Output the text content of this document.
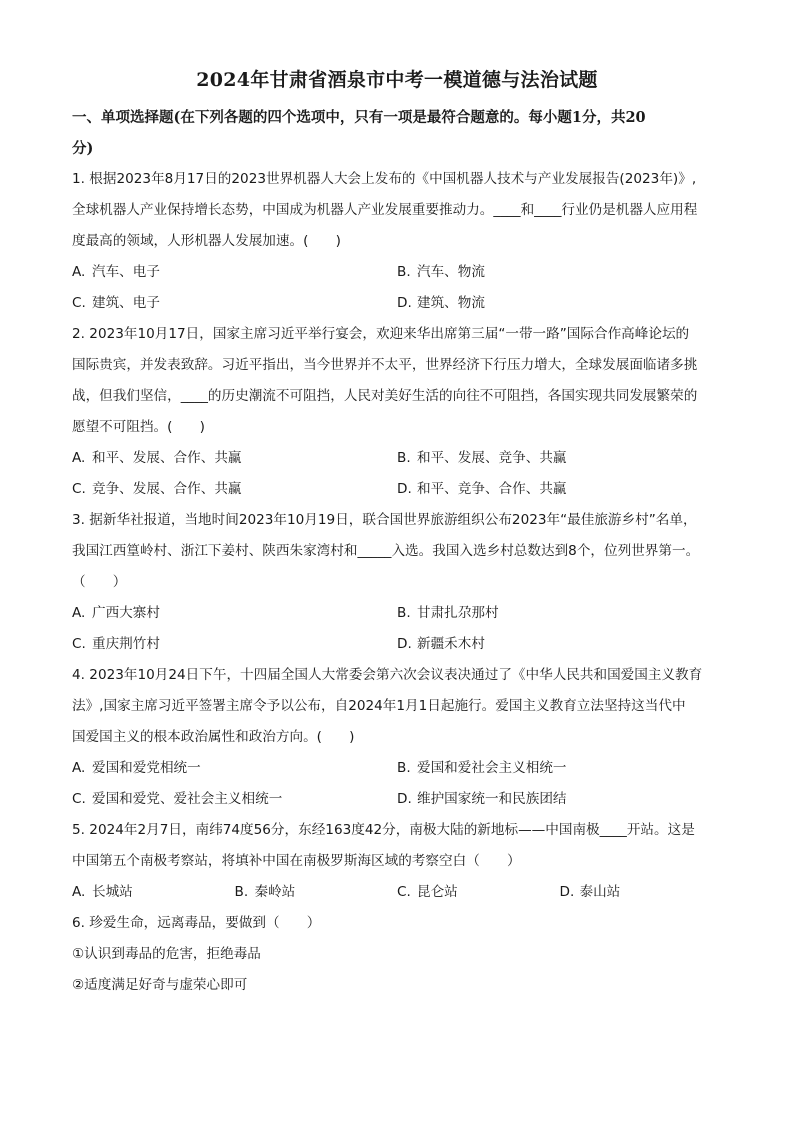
2024年甘肃省酒泉市中考一模道德与法治试题
一、单项选择题(在下列各题的四个选项中，只有一项是最符合题意的。每小题1分，共20
分)

1. 根据2023年8月17日的2023世界机器人大会上发布的《中国机器人技术与产业发展报告(2023年)》,
全球机器人产业保持增长态势，中国成为机器人产业发展重要推动力。____和____行业仍是机器人应用程
度最高的领域，人形机器人发展加速。(　　)

A. 汽车、电子	B. 汽车、物流
C. 建筑、电子	D. 建筑、物流

2. 2023年10月17日，国家主席习近平举行宴会，欢迎来华出席第三届“一带一路”国际合作高峰论坛的
国际贵宾，并发表致辞。习近平指出，当今世界并不太平，世界经济下行压力增大，全球发展面临诸多挑
战，但我们坚信，____的历史潮流不可阻挡，人民对美好生活的向往不可阻挡，各国实现共同发展繁荣的
愿望不可阻挡。(　　)

A. 和平、发展、合作、共赢	B. 和平、发展、竞争、共赢
C. 竞争、发展、合作、共赢	D. 和平、竞争、合作、共赢

3. 据新华社报道，当地时间2023年10月19日，联合国世界旅游组织公布2023年“最佳旅游乡村”名单，
我国江西篁岭村、浙江下姜村、陕西朱家湾村和_____入选。我国入选乡村总数达到8个，位列世界第一。
（　　）

A. 广西大寨村	B. 甘肃扎尕那村
C. 重庆荆竹村	D. 新疆禾木村

4. 2023年10月24日下午，十四届全国人大常委会第六次会议表决通过了《中华人民共和国爱国主义教育
法》,国家主席习近平签署主席令予以公布，自2024年1月1日起施行。爱国主义教育立法坚持这当代中
国爱国主义的根本政治属性和政治方向。(　　)

A. 爱国和爱党相统一	B. 爱国和爱社会主义相统一
C. 爱国和爱党、爱社会主义相统一	D. 维护国家统一和民族团结

5. 2024年2月7日，南纬74度56分，东经163度42分，南极大陆的新地标——中国南极____开站。这是
中国第五个南极考察站，将填补中国在南极罗斯海区域的考察空白（　　）

A. 长城站	B. 秦岭站	C. 昆仑站	D. 泰山站

6. 珍爱生命，远离毒品，要做到（　　）

①认识到毒品的危害，拒绝毒品

②适度满足好奇与虚荣心即可
